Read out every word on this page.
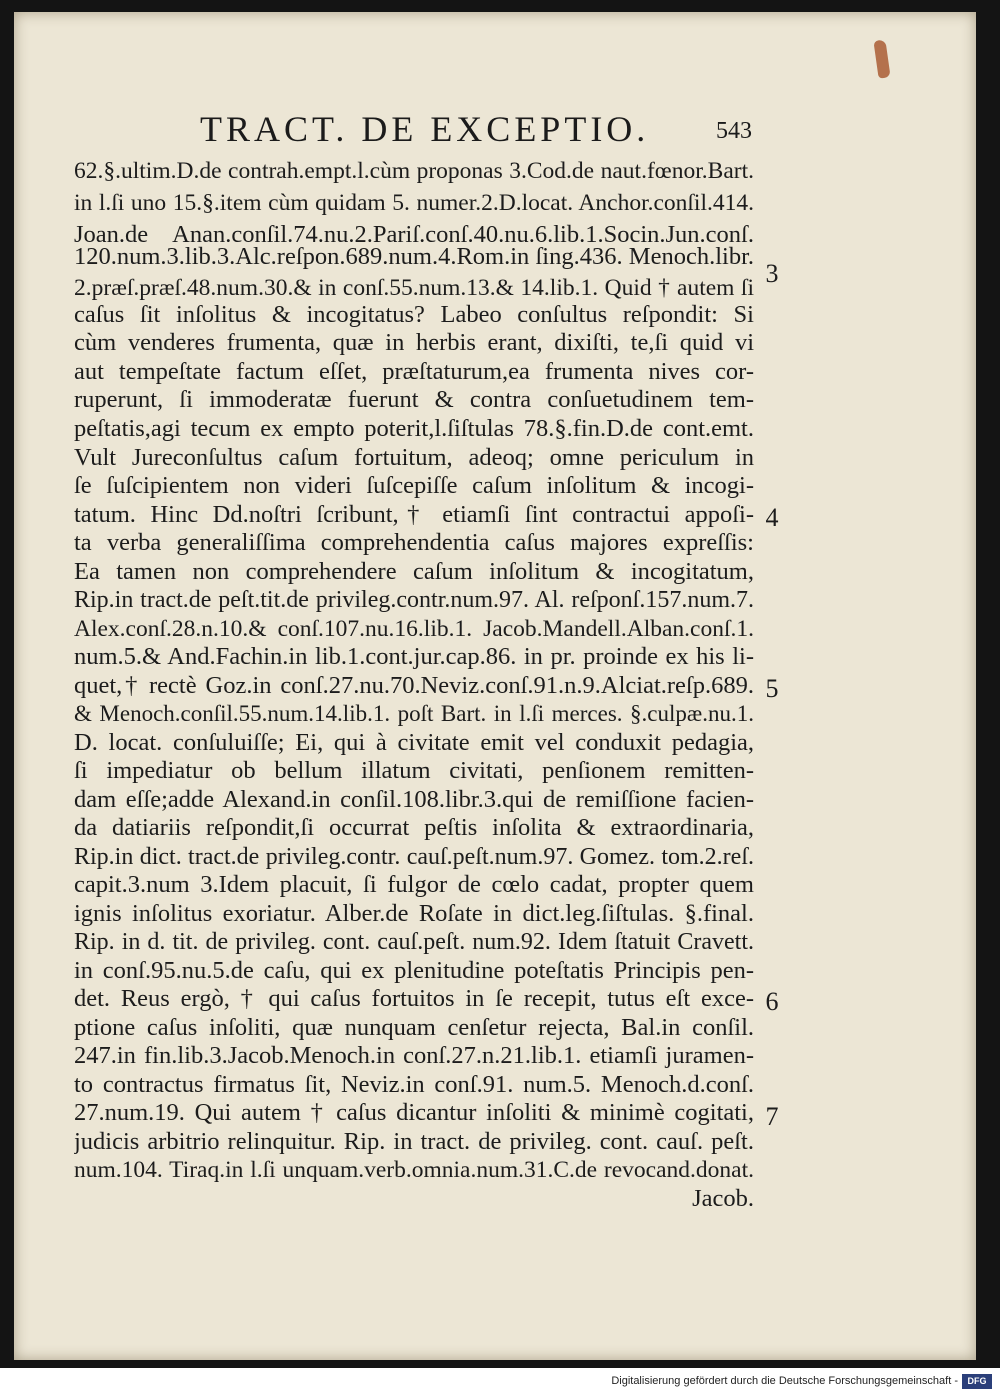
TRACT. DE EXCEPTIO.	543
62.§.ultim.D.de contrah.empt.l.cùm proponas 3.Cod.de naut.fœnor.Bart.
in l.ſi uno 15.§.item cùm quidam 5. numer.2.D.locat. Anchor.conſil.414.
Joan.de Anan.conſil.74.nu.2.Pariſ.conſ.40.nu.6.lib.1.Socin.Jun.conſ.
120.num.3.lib.3.Alc.reſpon.689.num.4.Rom.in ſing.436. Menoch.libr.
2.præſ.præſ.48.num.30.& in conſ.55.num.13.& 14.lib.1. Quid † autem ſi
caſus ſit inſolitus & incogitatus? Labeo conſultus reſpondit: Si
cùm venderes frumenta, quæ in herbis erant, dixiſti, te,ſi quid vi
aut tempeſtate factum eſſet, præſtaturum,ea frumenta nives cor-
ruperunt, ſi immoderatæ fuerunt & contra conſuetudinem tem-
peſtatis,agi tecum ex empto poterit,l.ſiſtulas 78.§.fin.D.de cont.emt.
Vult Jureconſultus caſum fortuitum, adeoq; omne periculum in
ſe ſuſcipientem non videri ſuſcepiſſe caſum inſolitum & incogi-
tatum. Hinc Dd.noſtri ſcribunt,† etiamſi ſint contractui appoſi-
ta verba generaliſſima comprehendentia caſus majores expreſſis:
Ea tamen non comprehendere caſum inſolitum & incogitatum,
Rip.in tract.de peſt.tit.de privileg.contr.num.97. Al. reſponſ.157.num.7.
Alex.conſ.28.n.10.& conſ.107.nu.16.lib.1. Jacob.Mandell.Alban.conſ.1.
num.5.& And.Fachin.in lib.1.cont.jur.cap.86. in pr. proinde ex his li-
quet,† rectè Goz.in conſ.27.nu.70.Neviz.conſ.91.n.9.Alciat.reſp.689.
& Menoch.conſil.55.num.14.lib.1. poſt Bart. in l.ſi merces. §.culpæ.nu.1.
D. locat. conſuluiſſe; Ei, qui à civitate emit vel conduxit pedagia,
ſi impediatur ob bellum illatum civitati, penſionem remitten-
dam eſſe;adde Alexand.in conſil.108.libr.3.qui de remiſſione facien-
da datiariis reſpondit,ſi occurrat peſtis inſolita & extraordinaria,
Rip.in dict. tract.de privileg.contr. cauſ.peſt.num.97. Gomez. tom.2.reſ.
capit.3.num 3.Idem placuit, ſi fulgor de cœlo cadat, propter quem
ignis inſolitus exoriatur. Alber.de Roſate in dict.leg.ſiſtulas. §.final.
Rip. in d. tit. de privileg. cont. cauſ.peſt. num.92. Idem ſtatuit Cravett.
in conſ.95.nu.5.de caſu, qui ex plenitudine poteſtatis Principis pen-
det. Reus ergò, † qui caſus fortuitos in ſe recepit, tutus eſt exce-
ptione caſus inſoliti, quæ nunquam cenſetur rejecta, Bal.in conſil.
247.in fin.lib.3.Jacob.Menoch.in conſ.27.n.21.lib.1. etiamſi juramen-
to contractus firmatus ſit, Neviz.in conſ.91. num.5. Menoch.d.conſ.
27.num.19. Qui autem † caſus dicantur inſoliti & minimè cogitati,
judicis arbitrio relinquitur. Rip. in tract. de privileg. cont. cauſ. peſt.
num.104. Tiraq.in l.ſi unquam.verb.omnia.num.31.C.de revocand.donat.
Jacob.
3
4
5
6
7
Digitalisierung gefördert durch die Deutsche Forschungsgemeinschaft -	DFG
